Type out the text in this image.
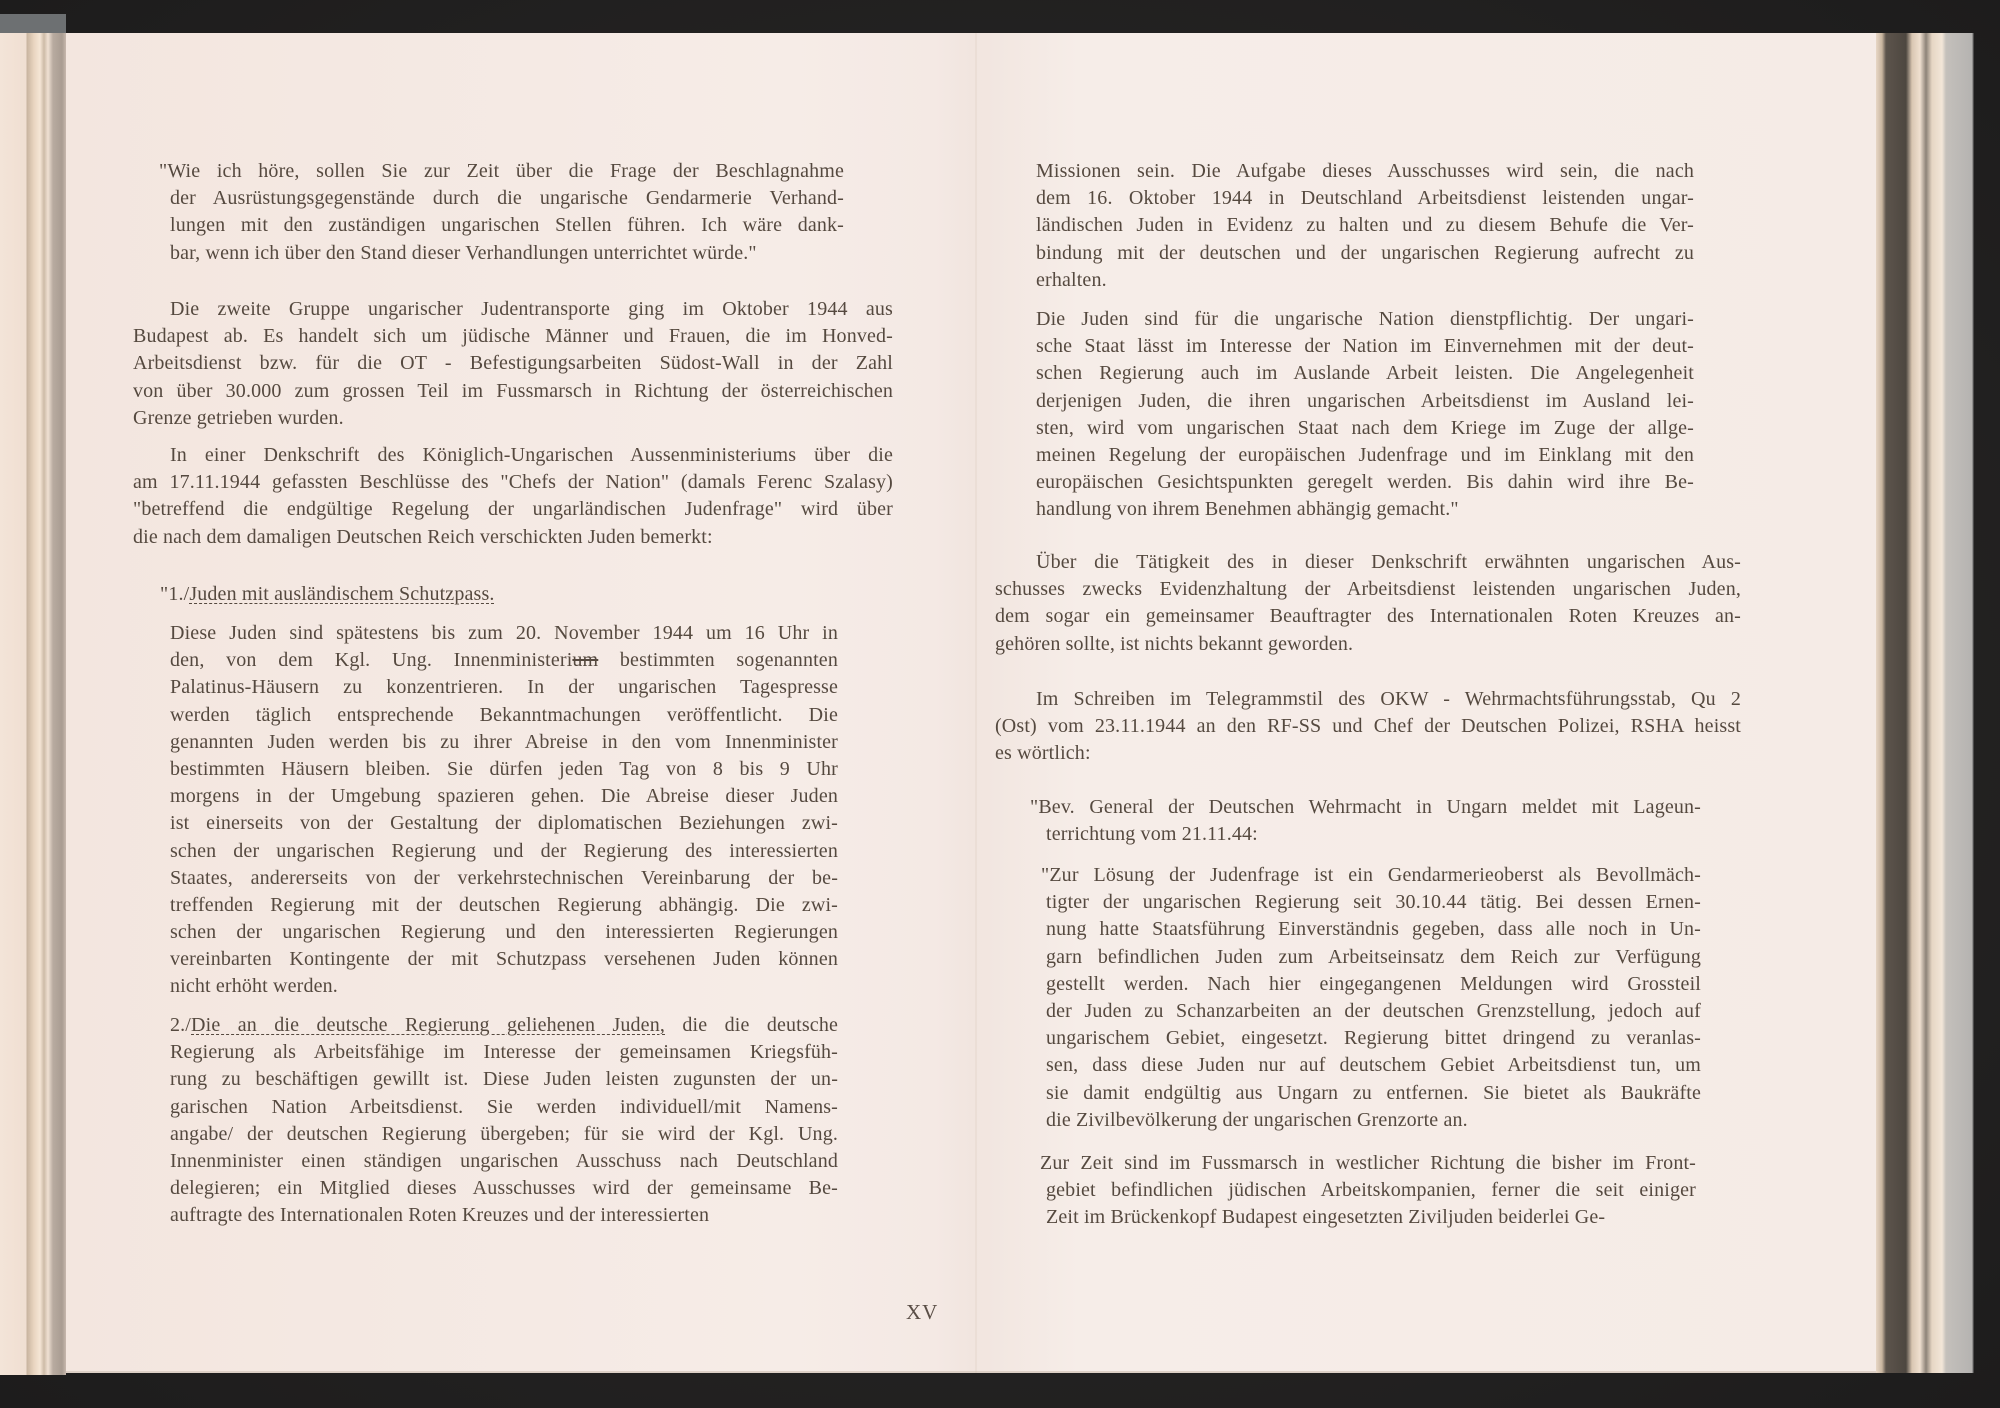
"Wie ich höre, sollen Sie zur Zeit über die Frage der Beschlagnahme
der Ausrüstungsgegenstände durch die ungarische Gendarmerie Verhand-
lungen mit den zuständigen ungarischen Stellen führen. Ich wäre dank-
bar, wenn ich über den Stand dieser Verhandlungen unterrichtet würde."
Die zweite Gruppe ungarischer Judentransporte ging im Oktober 1944 aus
Budapest ab. Es handelt sich um jüdische Männer und Frauen, die im Honved-
Arbeitsdienst bzw. für die OT - Befestigungsarbeiten Südost-Wall in der Zahl
von über 30.000 zum grossen Teil im Fussmarsch in Richtung der österreichischen
Grenze getrieben wurden.
In einer Denkschrift des Königlich-Ungarischen Aussenministeriums über die
am 17.11.1944 gefassten Beschlüsse des "Chefs der Nation" (damals Ferenc Szalasy)
"betreffend die endgültige Regelung der ungarländischen Judenfrage" wird über
die nach dem damaligen Deutschen Reich verschickten Juden bemerkt:
"1./Juden mit ausländischem Schutzpass.
Diese Juden sind spätestens bis zum 20. November 1944 um 16 Uhr in
den, von dem Kgl. Ung. Innenministerium bestimmten sogenannten
Palatinus-Häusern zu konzentrieren. In der ungarischen Tagespresse
werden täglich entsprechende Bekanntmachungen veröffentlicht. Die
genannten Juden werden bis zu ihrer Abreise in den vom Innenminister
bestimmten Häusern bleiben. Sie dürfen jeden Tag von 8 bis 9 Uhr
morgens in der Umgebung spazieren gehen. Die Abreise dieser Juden
ist einerseits von der Gestaltung der diplomatischen Beziehungen zwi-
schen der ungarischen Regierung und der Regierung des interessierten
Staates, andererseits von der verkehrstechnischen Vereinbarung der be-
treffenden Regierung mit der deutschen Regierung abhängig. Die zwi-
schen der ungarischen Regierung und den interessierten Regierungen
vereinbarten Kontingente der mit Schutzpass versehenen Juden können
nicht erhöht werden.
2./Die an die deutsche Regierung geliehenen Juden, die die deutsche
Regierung als Arbeitsfähige im Interesse der gemeinsamen Kriegsfüh-
rung zu beschäftigen gewillt ist. Diese Juden leisten zugunsten der un-
garischen Nation Arbeitsdienst. Sie werden individuell/mit Namens-
angabe/ der deutschen Regierung übergeben; für sie wird der Kgl. Ung.
Innenminister einen ständigen ungarischen Ausschuss nach Deutschland
delegieren; ein Mitglied dieses Ausschusses wird der gemeinsame Be-
auftragte des Internationalen Roten Kreuzes und der interessierten
Missionen sein. Die Aufgabe dieses Ausschusses wird sein, die nach
dem 16. Oktober 1944 in Deutschland Arbeitsdienst leistenden ungar-
ländischen Juden in Evidenz zu halten und zu diesem Behufe die Ver-
bindung mit der deutschen und der ungarischen Regierung aufrecht zu
erhalten.
Die Juden sind für die ungarische Nation dienstpflichtig. Der ungari-
sche Staat lässt im Interesse der Nation im Einvernehmen mit der deut-
schen Regierung auch im Auslande Arbeit leisten. Die Angelegenheit
derjenigen Juden, die ihren ungarischen Arbeitsdienst im Ausland lei-
sten, wird vom ungarischen Staat nach dem Kriege im Zuge der allge-
meinen Regelung der europäischen Judenfrage und im Einklang mit den
europäischen Gesichtspunkten geregelt werden. Bis dahin wird ihre Be-
handlung von ihrem Benehmen abhängig gemacht."
Über die Tätigkeit des in dieser Denkschrift erwähnten ungarischen Aus-
schusses zwecks Evidenzhaltung der Arbeitsdienst leistenden ungarischen Juden,
dem sogar ein gemeinsamer Beauftragter des Internationalen Roten Kreuzes an-
gehören sollte, ist nichts bekannt geworden.
Im Schreiben im Telegrammstil des OKW - Wehrmachtsführungsstab, Qu 2
(Ost) vom 23.11.1944 an den RF-SS und Chef der Deutschen Polizei, RSHA heisst
es wörtlich:
"Bev. General der Deutschen Wehrmacht in Ungarn meldet mit Lageun-
terrichtung vom 21.11.44:
"Zur Lösung der Judenfrage ist ein Gendarmerieoberst als Bevollmäch-
tigter der ungarischen Regierung seit 30.10.44 tätig. Bei dessen Ernen-
nung hatte Staatsführung Einverständnis gegeben, dass alle noch in Un-
garn befindlichen Juden zum Arbeitseinsatz dem Reich zur Verfügung
gestellt werden. Nach hier eingegangenen Meldungen wird Grossteil
der Juden zu Schanzarbeiten an der deutschen Grenzstellung, jedoch auf
ungarischem Gebiet, eingesetzt. Regierung bittet dringend zu veranlas-
sen, dass diese Juden nur auf deutschem Gebiet Arbeitsdienst tun, um
sie damit endgültig aus Ungarn zu entfernen. Sie bietet als Baukräfte
die Zivilbevölkerung der ungarischen Grenzorte an.
Zur Zeit sind im Fussmarsch in westlicher Richtung die bisher im Front-
gebiet befindlichen jüdischen Arbeitskompanien, ferner die seit einiger
Zeit im Brückenkopf Budapest eingesetzten Ziviljuden beiderlei Ge-
XV
